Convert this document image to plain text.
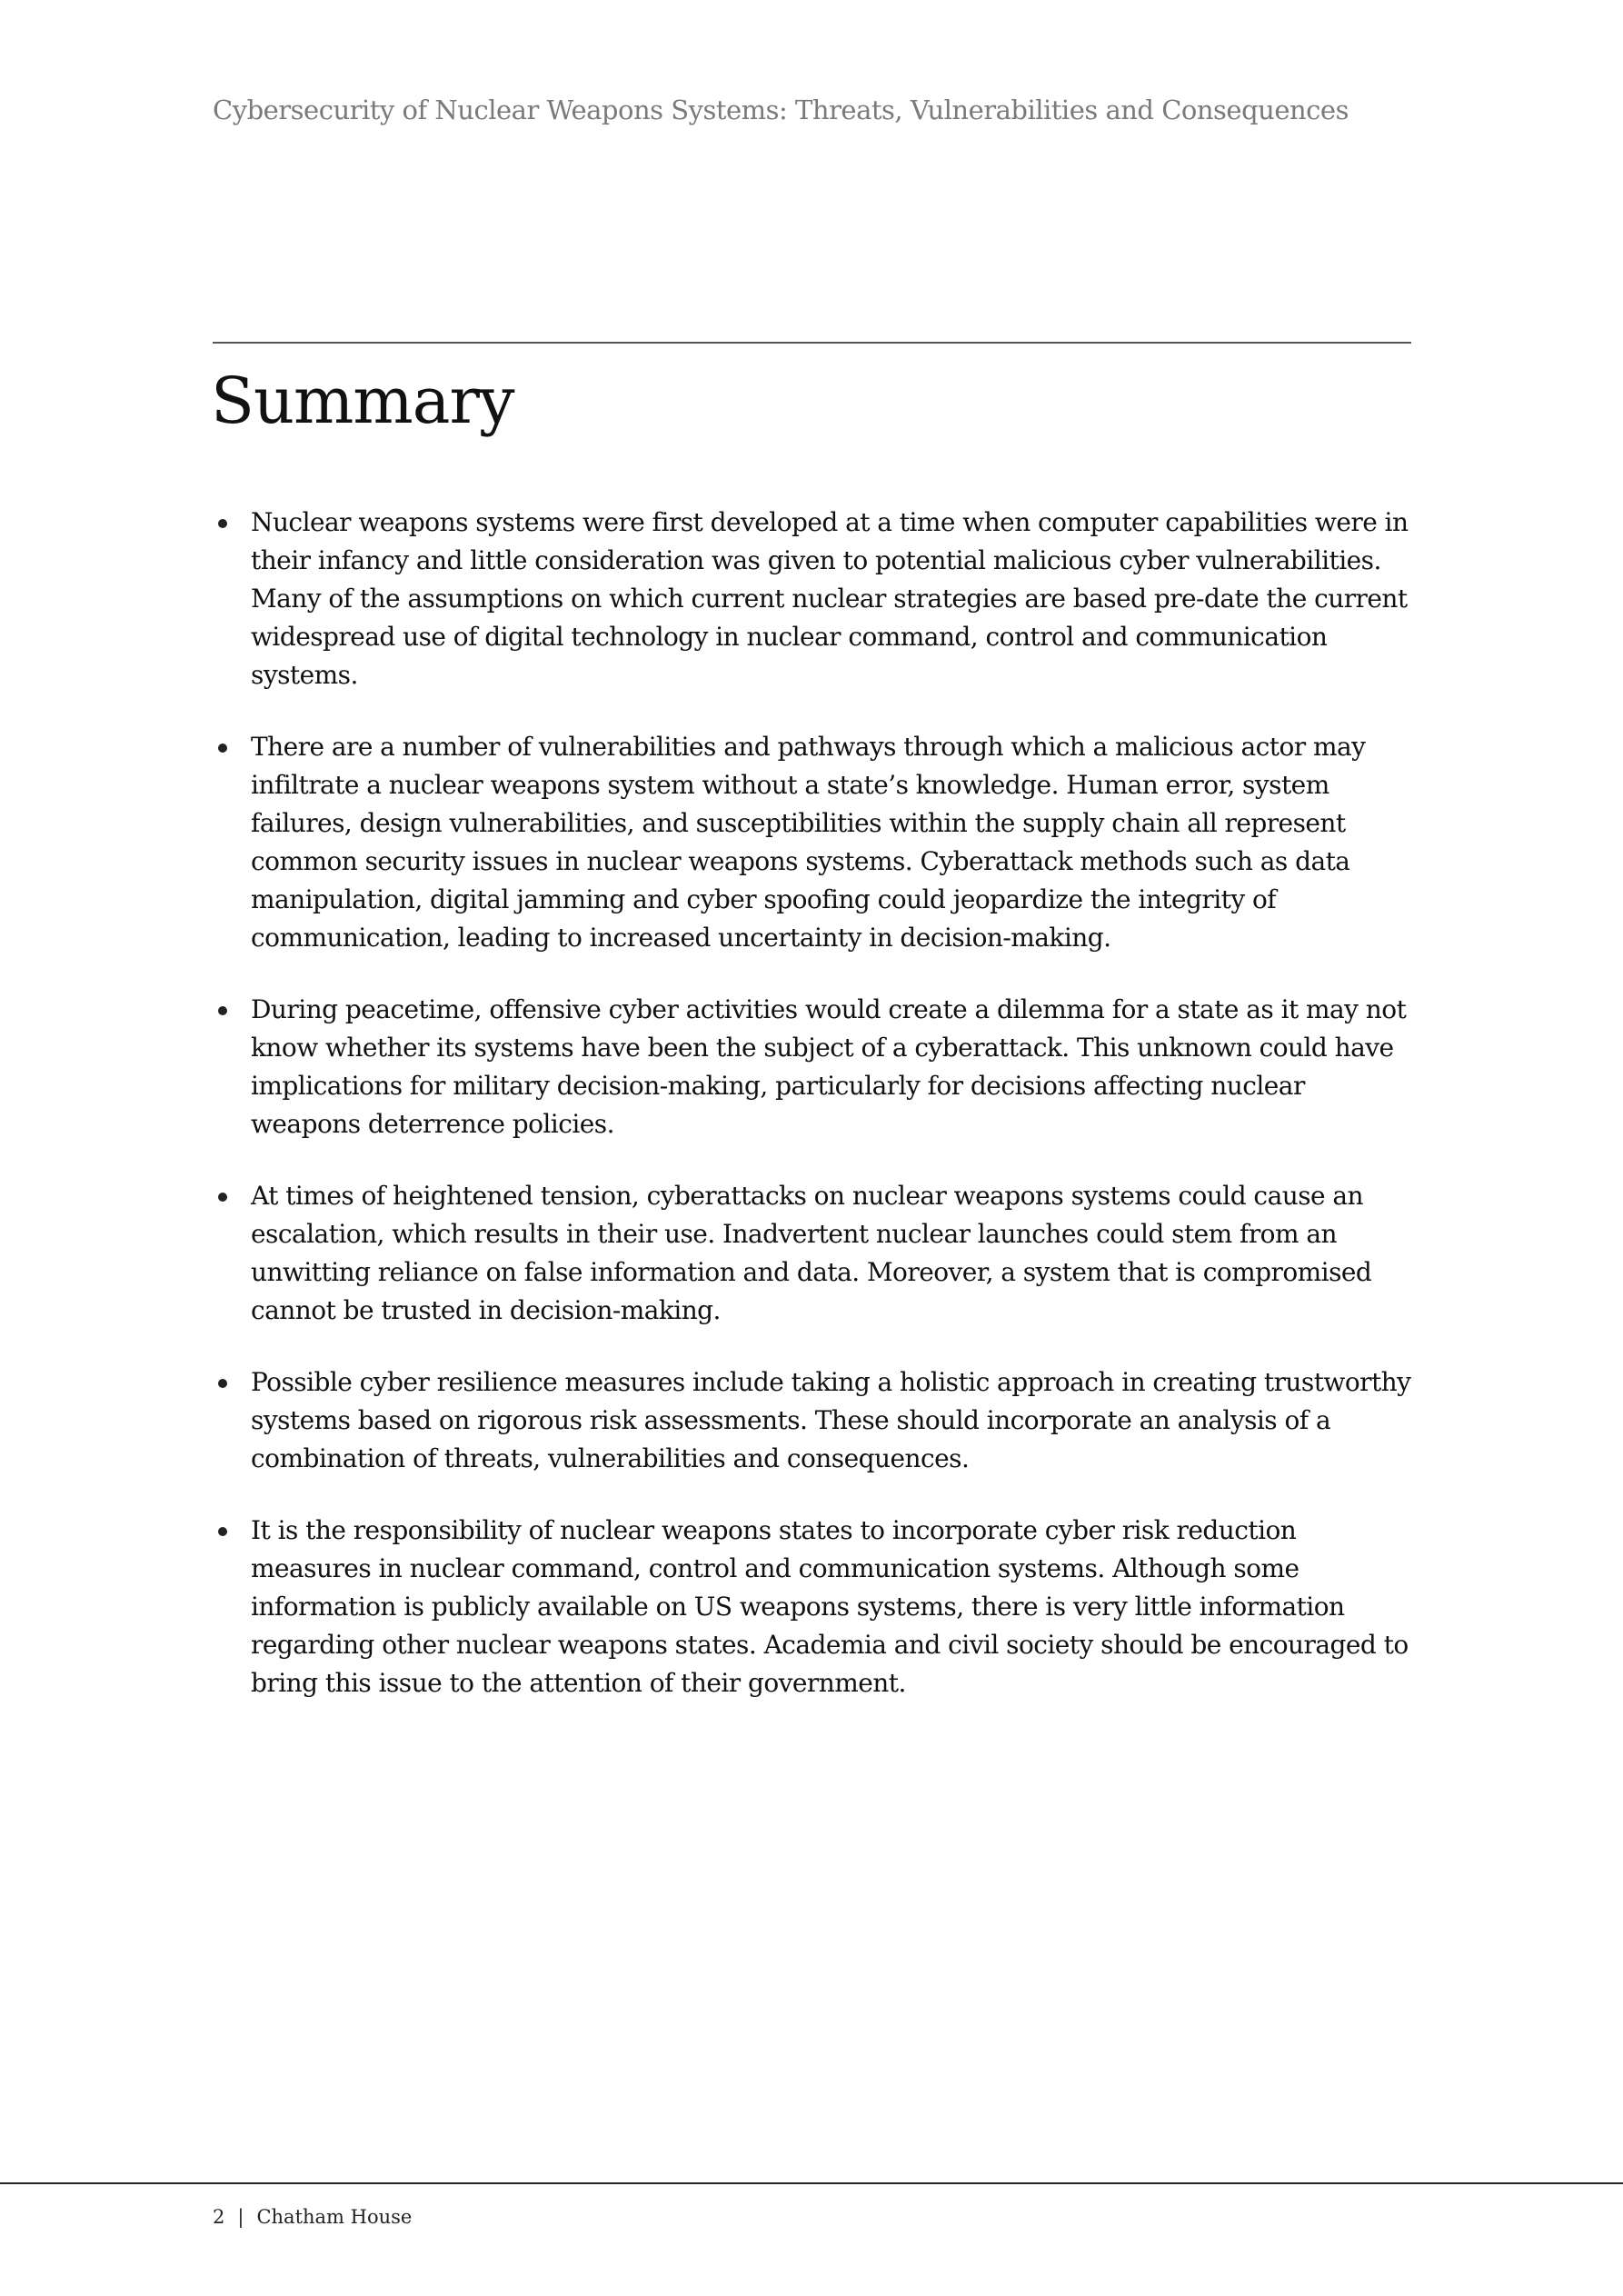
Cybersecurity of Nuclear Weapons Systems: Threats, Vulnerabilities and Consequences
Summary
Nuclear weapons systems were first developed at a time when computer capabilities were in their infancy and little consideration was given to potential malicious cyber vulnerabilities. Many of the assumptions on which current nuclear strategies are based pre-date the current widespread use of digital technology in nuclear command, control and communication systems.
There are a number of vulnerabilities and pathways through which a malicious actor may infiltrate a nuclear weapons system without a state’s knowledge. Human error, system failures, design vulnerabilities, and susceptibilities within the supply chain all represent common security issues in nuclear weapons systems. Cyberattack methods such as data manipulation, digital jamming and cyber spoofing could jeopardize the integrity of communication, leading to increased uncertainty in decision-making.
During peacetime, offensive cyber activities would create a dilemma for a state as it may not know whether its systems have been the subject of a cyberattack. This unknown could have implications for military decision-making, particularly for decisions affecting nuclear weapons deterrence policies.
At times of heightened tension, cyberattacks on nuclear weapons systems could cause an escalation, which results in their use. Inadvertent nuclear launches could stem from an unwitting reliance on false information and data. Moreover, a system that is compromised cannot be trusted in decision-making.
Possible cyber resilience measures include taking a holistic approach in creating trustworthy systems based on rigorous risk assessments. These should incorporate an analysis of a combination of threats, vulnerabilities and consequences.
It is the responsibility of nuclear weapons states to incorporate cyber risk reduction measures in nuclear command, control and communication systems. Although some information is publicly available on US weapons systems, there is very little information regarding other nuclear weapons states. Academia and civil society should be encouraged to bring this issue to the attention of their government.
2 | Chatham House
